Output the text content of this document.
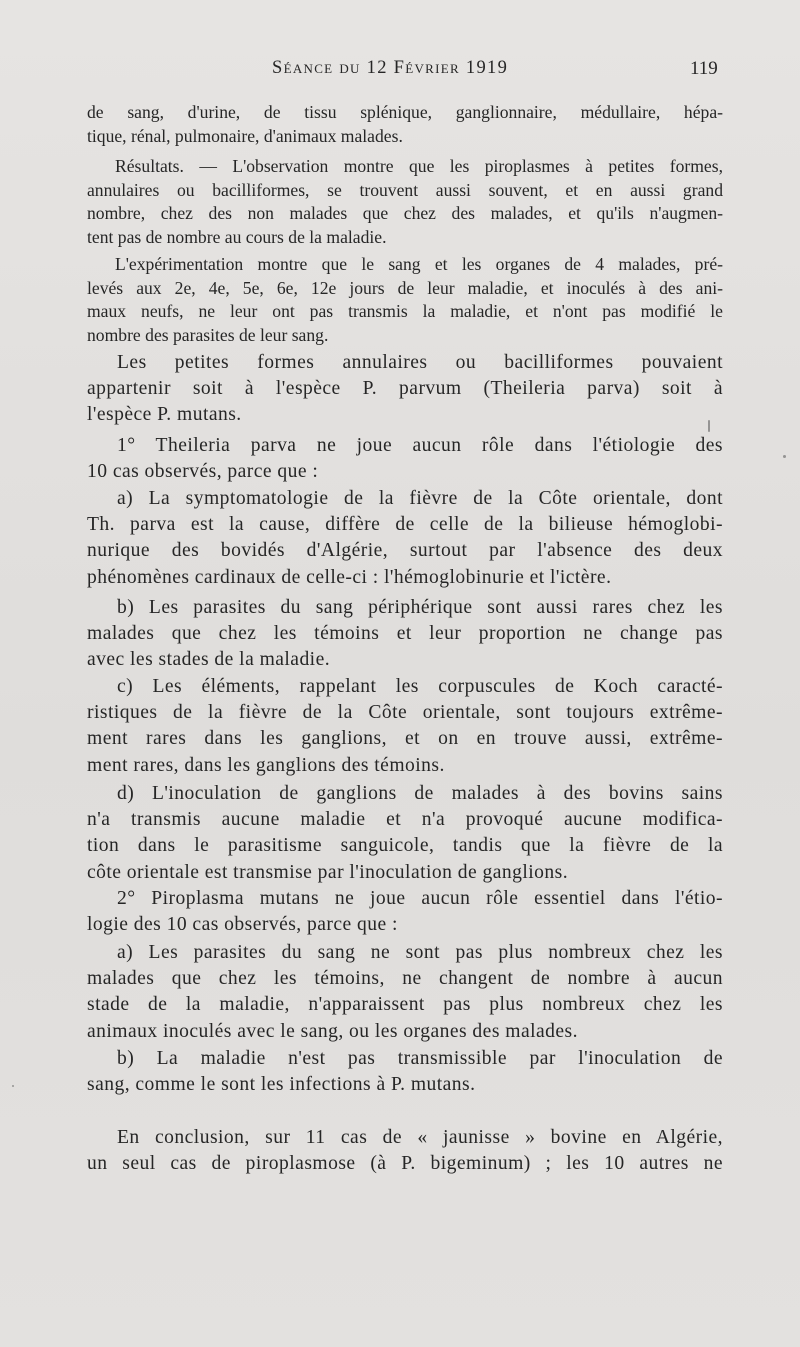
Séance du 12 Février 1919	119
de sang, d'urine, de tissu splénique, ganglionnaire, médullaire, hépa-
tique, rénal, pulmonaire, d'animaux malades.
Résultats. — L'observation montre que les piroplasmes à petites formes,
annulaires ou bacilliformes, se trouvent aussi souvent, et en aussi grand
nombre, chez des non malades que chez des malades, et qu'ils n'augmen-
tent pas de nombre au cours de la maladie.
L'expérimentation montre que le sang et les organes de 4 malades, pré-
levés aux 2e, 4e, 5e, 6e, 12e jours de leur maladie, et inoculés à des ani-
maux neufs, ne leur ont pas transmis la maladie, et n'ont pas modifié le
nombre des parasites de leur sang.
Les petites formes annulaires ou bacilliformes pouvaient
appartenir soit à l'espèce P. parvum (Theileria parva) soit à
l'espèce P. mutans.
1° Theileria parva ne joue aucun rôle dans l'étiologie des
10 cas observés, parce que :
a) La symptomatologie de la fièvre de la Côte orientale, dont
Th. parva est la cause, diffère de celle de la bilieuse hémoglobi-
nurique des bovidés d'Algérie, surtout par l'absence des deux
phénomènes cardinaux de celle-ci : l'hémoglobinurie et l'ictère.
b) Les parasites du sang périphérique sont aussi rares chez les
malades que chez les témoins et leur proportion ne change pas
avec les stades de la maladie.
c) Les éléments, rappelant les corpuscules de Koch caracté-
ristiques de la fièvre de la Côte orientale, sont toujours extrême-
ment rares dans les ganglions, et on en trouve aussi, extrême-
ment rares, dans les ganglions des témoins.
d) L'inoculation de ganglions de malades à des bovins sains
n'a transmis aucune maladie et n'a provoqué aucune modifica-
tion dans le parasitisme sanguicole, tandis que la fièvre de la
côte orientale est transmise par l'inoculation de ganglions.
2° Piroplasma mutans ne joue aucun rôle essentiel dans l'étio-
logie des 10 cas observés, parce que :
a) Les parasites du sang ne sont pas plus nombreux chez les
malades que chez les témoins, ne changent de nombre à aucun
stade de la maladie, n'apparaissent pas plus nombreux chez les
animaux inoculés avec le sang, ou les organes des malades.
b) La maladie n'est pas transmissible par l'inoculation de
sang, comme le sont les infections à P. mutans.
En conclusion, sur 11 cas de « jaunisse » bovine en Algérie,
un seul cas de piroplasmose (à P. bigeminum) ; les 10 autres ne
